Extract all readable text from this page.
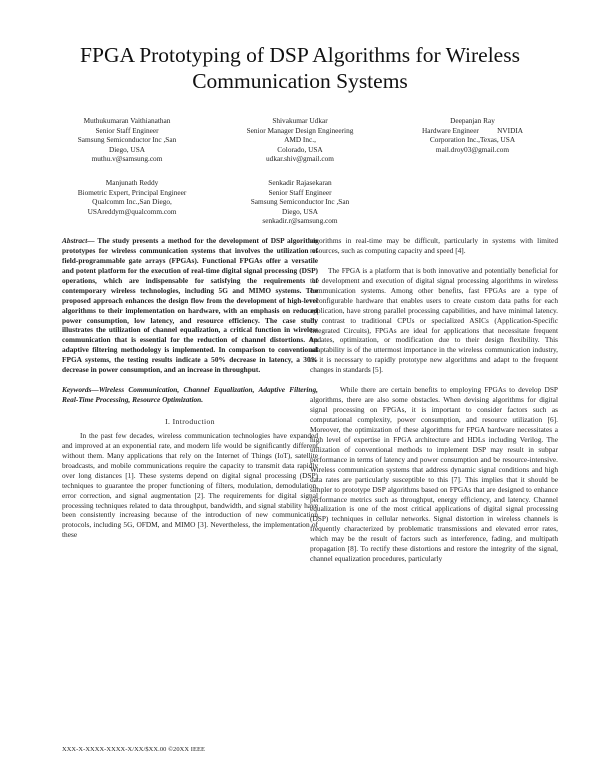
FPGA Prototyping of DSP Algorithms for Wireless Communication Systems
Muthukumaran Vaithianathan
Senior Staff Engineer
Samsung Semiconductor Inc ,San
Diego, USA
muthu.v@samsung.com
Shivakumar Udkar
Senior Manager Design Engineering
AMD Inc.,
Colorado, USA
udkar.shiv@gmail.com
Deepanjan Ray
Hardware Engineer          NVIDIA
Corporation Inc.,Texas, USA
mail.droy03@gmail.com
Manjunath Reddy
Biometric Expert, Principal Engineer
Qualcomm Inc.,San Diego,
USAreddym@qualcomm.com
Senkadir Rajasekaran
Senior Staff Engineer
Samsung Semiconductor Inc ,San
Diego, USA
senkadir.r@samsung.com

Abstract— The study presents a method for the development of DSP algorithm prototypes for wireless communication systems that involves the utilization of field-programmable gate arrays (FPGAs). Functional FPGAs offer a versatile and potent platform for the execution of real-time digital signal processing (DSP) operations, which are indispensable for satisfying the requirements of contemporary wireless technologies, including 5G and MIMO systems. The proposed approach enhances the design flow from the development of high-level algorithms to their implementation on hardware, with an emphasis on reduced power consumption, low latency, and resource efficiency. The case study illustrates the utilization of channel equalization, a critical function in wireless communication that is essential for the reduction of channel distortions. An adaptive filtering methodology is implemented. In comparison to conventional FPGA systems, the testing results indicate a 50% decrease in latency, a 30% decrease in power consumption, and an increase in throughput.

Keywords—Wireless Communication, Channel Equalization, Adaptive Filtering, Real-Time Processing, Resource Optimization.

I. Introduction

In the past few decades, wireless communication technologies have expanded and improved at an exponential rate, and modern life would be significantly different without them. Many applications that rely on the Internet of Things (IoT), satellite broadcasts, and mobile communications require the capacity to transmit data rapidly over long distances [1]. These systems depend on digital signal processing (DSP) techniques to guarantee the proper functioning of filters, modulation, demodulation, error correction, and signal augmentation [2]. The requirements for digital signal processing techniques related to data throughput, bandwidth, and signal stability have been consistently increasing because of the introduction of new communication protocols, including 5G, OFDM, and MIMO [3]. Nevertheless, the implementation of these

algorithms in real-time may be difficult, particularly in systems with limited resources, such as computing capacity and speed [4].

The FPGA is a platform that is both innovative and potentially beneficial for the development and execution of digital signal processing algorithms in wireless communication systems. Among other benefits, fast FPGAs are a type of reconfigurable hardware that enables users to create custom data paths for each application, have strong parallel processing capabilities, and have minimal latency. In contrast to traditional CPUs or specialized ASICs (Application-Specific Integrated Circuits), FPGAs are ideal for applications that necessitate frequent updates, optimization, or modification due to their design flexibility. This adaptability is of the uttermost importance in the wireless communication industry, as it is necessary to rapidly prototype new algorithms and adapt to the frequent changes in standards [5].

While there are certain benefits to employing FPGAs to develop DSP algorithms, there are also some obstacles. When devising algorithms for digital signal processing on FPGAs, it is important to consider factors such as computational complexity, power consumption, and resource utilization [6]. Moreover, the optimization of these algorithms for FPGA hardware necessitates a high level of expertise in FPGA architecture and HDLs including Verilog. The utilization of conventional methods to implement DSP may result in subpar performance in terms of latency and power consumption and be resource-intensive. Wireless communication systems that address dynamic signal conditions and high data rates are particularly susceptible to this [7]. This implies that it should be simpler to prototype DSP algorithms based on FPGAs that are designed to enhance performance metrics such as throughput, energy efficiency, and latency. Channel equalization is one of the most critical applications of digital signal processing (DSP) techniques in cellular networks. Signal distortion in wireless channels is frequently characterized by problematic transmissions and elevated error rates, which may be the result of factors such as interference, fading, and multipath propagation [8]. To rectify these distortions and restore the integrity of the signal, channel equalization procedures, particularly

XXX-X-XXXX-XXXX-X/XX/$XX.00 ©20XX IEEE
